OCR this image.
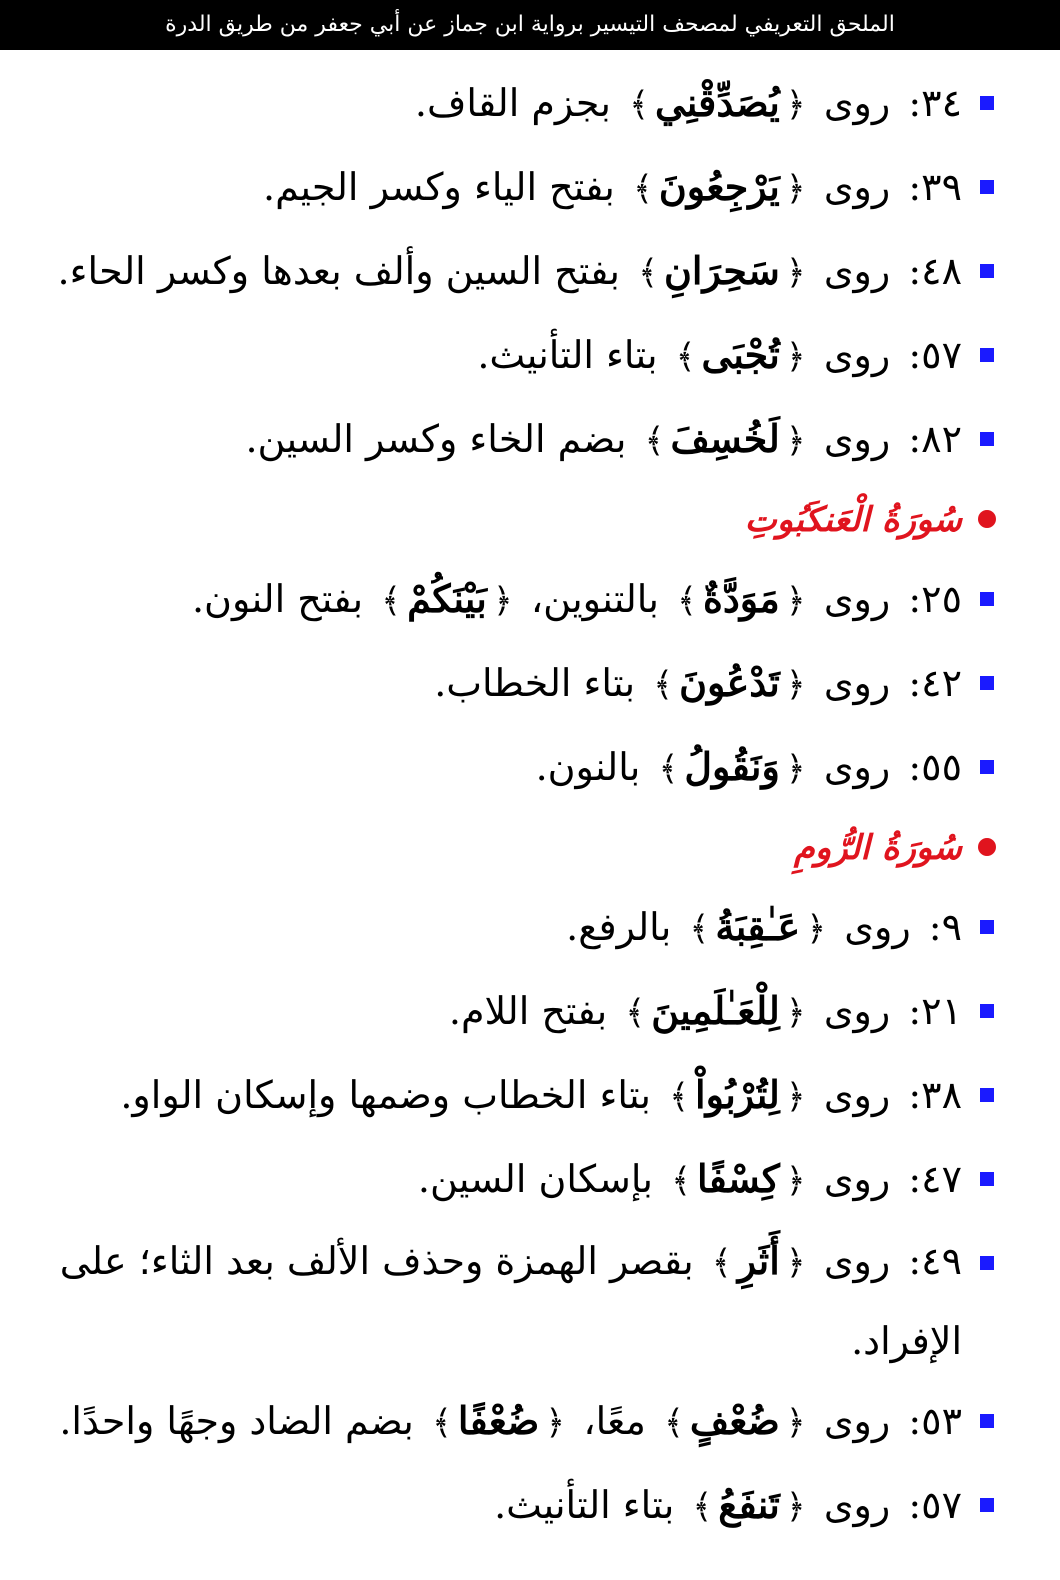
الملحق التعريفي لمصحف التيسير برواية ابن جماز عن أبي جعفر من طريق الدرة
٣٤: روى ﴿يُصَدِّقْنِي﴾ بجزم القاف.
٣٩: روى ﴿يَرْجِعُونَ﴾ بفتح الياء وكسر الجيم.
٤٨: روى ﴿سَحِرَانِ﴾ بفتح السين وألف بعدها وكسر الحاء.
٥٧: روى ﴿تُجْبَى﴾ بتاء التأنيث.
٨٢: روى ﴿لَخُسِفَ﴾ بضم الخاء وكسر السين.
سُورَةُ الْعَنكَبُوتِ
٢٥: روى ﴿مَوَدَّةٌ﴾ بالتنوين، ﴿بَيْنَكُمْ﴾ بفتح النون.
٤٢: روى ﴿تَدْعُونَ﴾ بتاء الخطاب.
٥٥: روى ﴿وَنَقُولُ﴾ بالنون.
سُورَةُ الرُّومِ
٩: روى ﴿عَـٰقِبَةُ﴾ بالرفع.
٢١: روى ﴿لِلْعَـٰلَمِينَ﴾ بفتح اللام.
٣٨: روى ﴿لِتُرْبُواْ﴾ بتاء الخطاب وضمها وإسكان الواو.
٤٧: روى ﴿كِسْفًا﴾ بإسكان السين.
٤٩: روى ﴿أَثَرِ﴾ بقصر الهمزة وحذف الألف بعد الثاء؛ على الإفراد.
٥٣: روى ﴿ضُعْفٍ﴾ معًا، ﴿ضُعْفًا﴾ بضم الضاد وجهًا واحدًا.
٥٧: روى ﴿تَنفَعُ﴾ بتاء التأنيث.
